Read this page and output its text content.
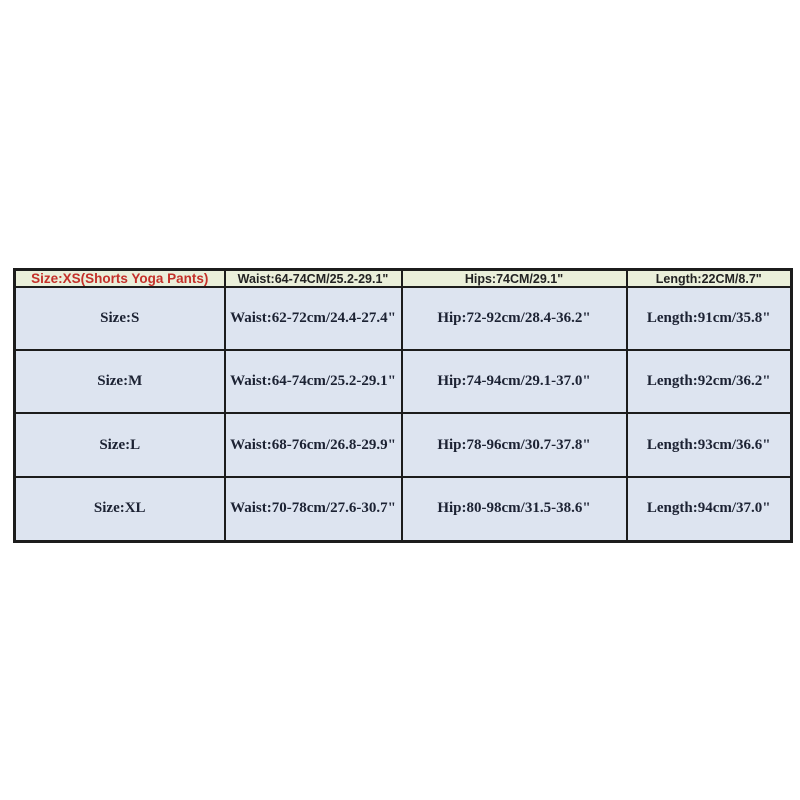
Size:XS(Shorts Yoga Pants)	Waist:64-74CM/25.2-29.1"	Hips:74CM/29.1"	Length:22CM/8.7"
Size:S	Waist:62-72cm/24.4-27.4"	Hip:72-92cm/28.4-36.2"	Length:91cm/35.8"
Size:M	Waist:64-74cm/25.2-29.1"	Hip:74-94cm/29.1-37.0"	Length:92cm/36.2"
Size:L	Waist:68-76cm/26.8-29.9"	Hip:78-96cm/30.7-37.8"	Length:93cm/36.6"
Size:XL	Waist:70-78cm/27.6-30.7"	Hip:80-98cm/31.5-38.6"	Length:94cm/37.0"
